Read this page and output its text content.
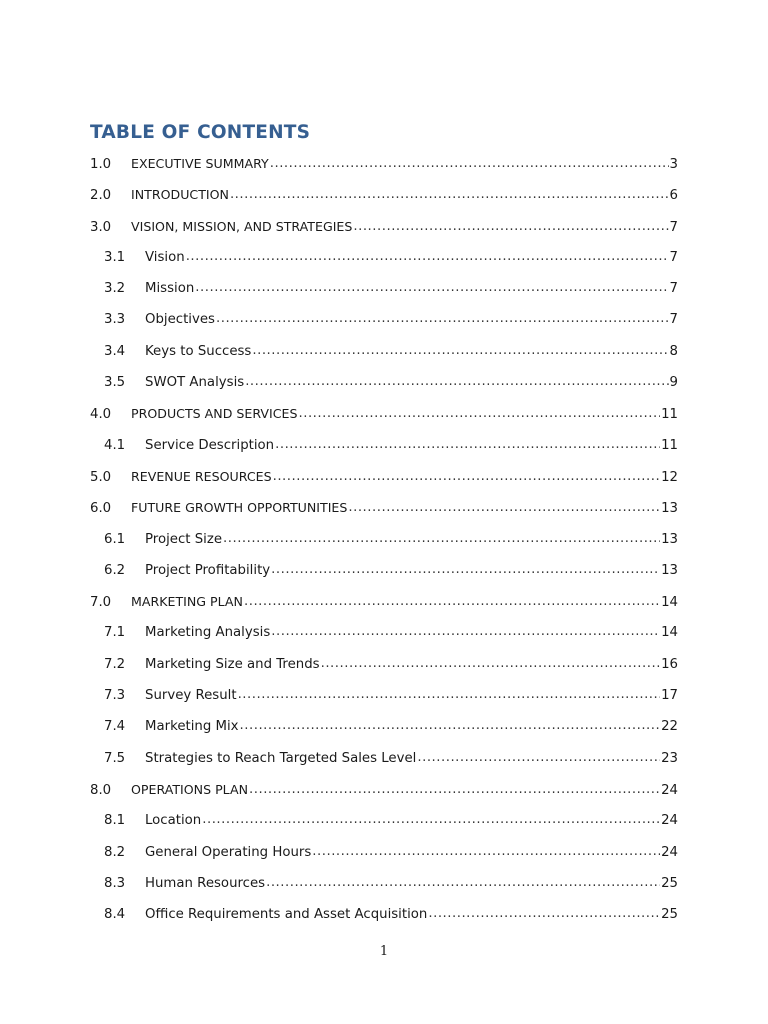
TABLE OF CONTENTS
1.0	EXECUTIVE SUMMARY .....	3
2.0	INTRODUCTION .....	6
3.0	VISION, MISSION, AND STRATEGIES .....	7
3.1	Vision .....	7
3.2	Mission .....	7
3.3	Objectives .....	7
3.4	Keys to Success .....	8
3.5	SWOT Analysis .....	9
4.0	PRODUCTS AND SERVICES .....	11
4.1	Service Description .....	11
5.0	REVENUE RESOURCES .....	12
6.0	FUTURE GROWTH OPPORTUNITIES .....	13
6.1	Project Size .....	13
6.2	Project Profitability .....	13
7.0	MARKETING PLAN .....	14
7.1	Marketing Analysis .....	14
7.2	Marketing Size and Trends .....	16
7.3	Survey Result .....	17
7.4	Marketing Mix .....	22
7.5	Strategies to Reach Targeted Sales Level .....	23
8.0	OPERATIONS PLAN .....	24
8.1	Location .....	24
8.2	General Operating Hours .....	24
8.3	Human Resources .....	25
8.4	Office Requirements and Asset Acquisition .....	25
1
